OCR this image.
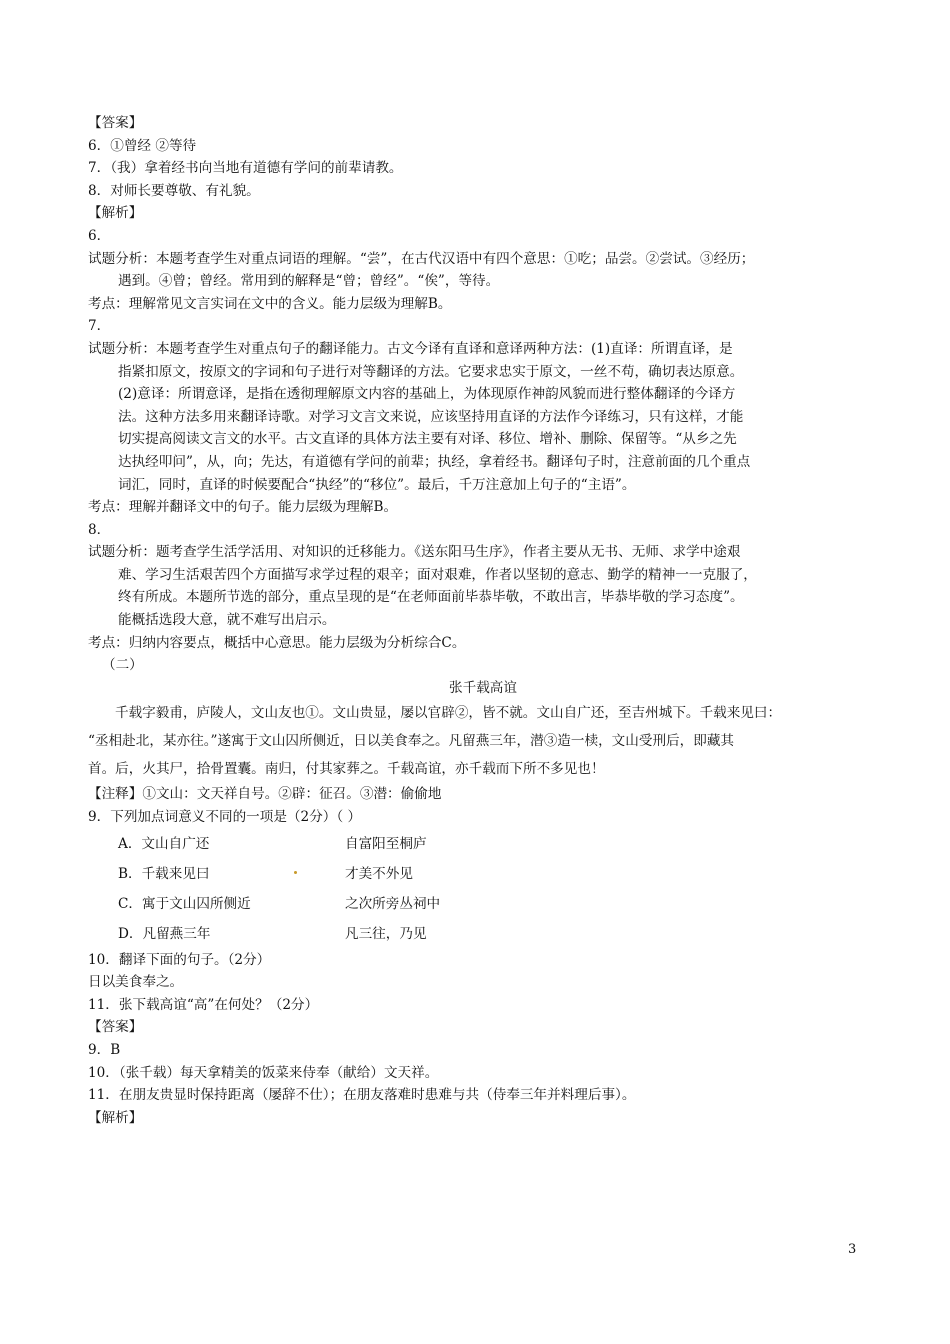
【答案】
6．①曾经 ②等待
7．（我）拿着经书向当地有道德有学问的前辈请教。
8．对师长要尊敬、有礼貌。
【解析】
6．
试题分析：本题考查学生对重点词语的理解。“尝”，在古代汉语中有四个意思：①吃；品尝。②尝试。③经历；
遇到。④曾；曾经。常用到的解释是“曾；曾经”。“俟”，等待。
考点：理解常见文言实词在文中的含义。能力层级为理解B。
7．
试题分析：本题考查学生对重点句子的翻译能力。古文今译有直译和意译两种方法：(1)直译：所谓直译，是
指紧扣原文，按原文的字词和句子进行对等翻译的方法。它要求忠实于原文，一丝不苟，确切表达原意。
(2)意译：所谓意译，是指在透彻理解原文内容的基础上，为体现原作神韵风貌而进行整体翻译的今译方
法。这种方法多用来翻译诗歌。对学习文言文来说，应该坚持用直译的方法作今译练习，只有这样，才能
切实提高阅读文言文的水平。古文直译的具体方法主要有对译、移位、增补、删除、保留等。“从乡之先
达执经叩问”，从，向；先达，有道德有学问的前辈；执经，拿着经书。翻译句子时，注意前面的几个重点
词汇，同时，直译的时候要配合“执经”的“移位”。最后，千万注意加上句子的“主语”。
考点：理解并翻译文中的句子。能力层级为理解B。
8．
试题分析：题考查学生活学活用、对知识的迁移能力。《送东阳马生序》，作者主要从无书、无师、求学中途艰
难、学习生活艰苦四个方面描写求学过程的艰辛；面对艰难，作者以坚韧的意志、勤学的精神一一克服了，
终有所成。本题所节选的部分，重点呈现的是“在老师面前毕恭毕敬，不敢出言，毕恭毕敬的学习态度”。
能概括选段大意，就不难写出启示。
考点：归纳内容要点，概括中心意思。能力层级为分析综合C。
（二）
张千载高谊
千载字毅甫，庐陵人，文山友也①。文山贵显，屡以官辟②，皆不就。文山自广还，至吉州城下。千载来见曰：
“丞相赴北，某亦往。”遂寓于文山囚所侧近，日以美食奉之。凡留燕三年，潜③造一椟，文山受刑后，即藏其
首。后，火其尸，拾骨置囊。南归，付其家葬之。千载高谊，亦千载而下所不多见也！
【注释】①文山：文天祥自号。②辟：征召。③潜：偷偷地
9．下列加点词意义不同的一项是（2分）（ ）
A．文山自广还	自富阳至桐庐
B．千载来见曰	才美不外见
C．寓于文山囚所侧近	之次所旁丛祠中
D．凡留燕三年	凡三往，乃见
10．翻译下面的句子。（2分）
日以美食奉之。
11．张下载高谊“高”在何处？（2分）
【答案】
9．B
10．（张千载）每天拿精美的饭菜来侍奉（献给）文天祥。
11．在朋友贵显时保持距离（屡辞不仕）；在朋友落难时患难与共（侍奉三年并料理后事）。
【解析】
3
